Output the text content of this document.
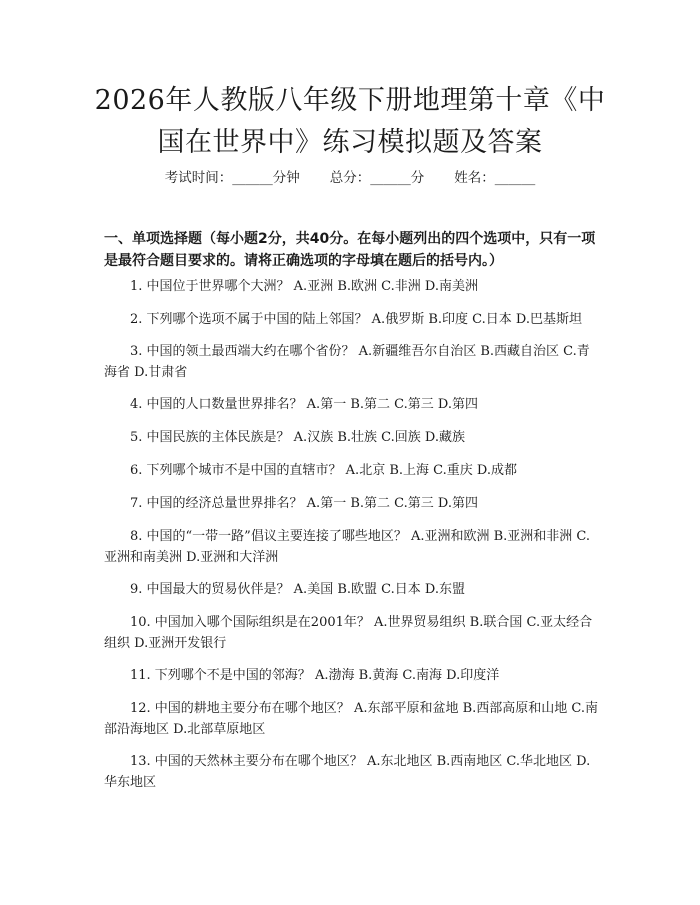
2026年人教版八年级下册地理第十章《中国在世界中》练习模拟题及答案
考试时间：______分钟 总分：______分 姓名：______
一、单项选择题（每小题2分，共40分。在每小题列出的四个选项中，只有一项是最符合题目要求的。请将正确选项的字母填在题后的括号内。）
1. 中国位于世界哪个大洲？ A.亚洲 B.欧洲 C.非洲 D.南美洲
2. 下列哪个选项不属于中国的陆上邻国？ A.俄罗斯 B.印度 C.日本 D.巴基斯坦
3. 中国的领土最西端大约在哪个省份？ A.新疆维吾尔自治区 B.西藏自治区 C.青海省 D.甘肃省
4. 中国的人口数量世界排名？ A.第一 B.第二 C.第三 D.第四
5. 中国民族的主体民族是？ A.汉族 B.壮族 C.回族 D.藏族
6. 下列哪个城市不是中国的直辖市？ A.北京 B.上海 C.重庆 D.成都
7. 中国的经济总量世界排名？ A.第一 B.第二 C.第三 D.第四
8. 中国的“一带一路”倡议主要连接了哪些地区？ A.亚洲和欧洲 B.亚洲和非洲 C.亚洲和南美洲 D.亚洲和大洋洲
9. 中国最大的贸易伙伴是？ A.美国 B.欧盟 C.日本 D.东盟
10. 中国加入哪个国际组织是在2001年？ A.世界贸易组织 B.联合国 C.亚太经合组织 D.亚洲开发银行
11. 下列哪个不是中国的邻海？ A.渤海 B.黄海 C.南海 D.印度洋
12. 中国的耕地主要分布在哪个地区？ A.东部平原和盆地 B.西部高原和山地 C.南部沿海地区 D.北部草原地区
13. 中国的天然林主要分布在哪个地区？ A.东北地区 B.西南地区 C.华北地区 D.华东地区
